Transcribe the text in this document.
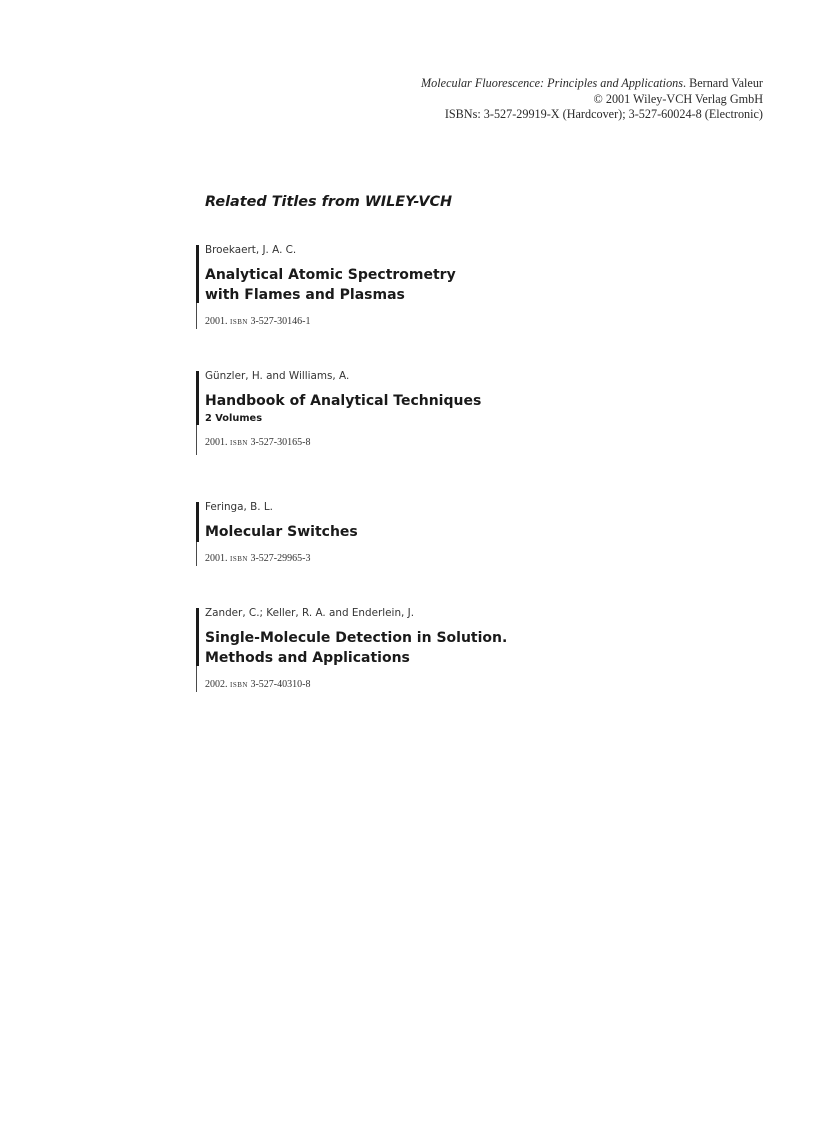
Molecular Fluorescence: Principles and Applications. Bernard Valeur
© 2001 Wiley-VCH Verlag GmbH
ISBNs: 3-527-29919-X (Hardcover); 3-527-60024-8 (Electronic)
Related Titles from WILEY-VCH
Broekaert, J. A. C.
Analytical Atomic Spectrometry
with Flames and Plasmas
2001. isbn 3-527-30146-1
Günzler, H. and Williams, A.
Handbook of Analytical Techniques
2 Volumes
2001. isbn 3-527-30165-8
Feringa, B. L.
Molecular Switches
2001. isbn 3-527-29965-3
Zander, C.; Keller, R. A. and Enderlein, J.
Single-Molecule Detection in Solution.
Methods and Applications
2002. isbn 3-527-40310-8
